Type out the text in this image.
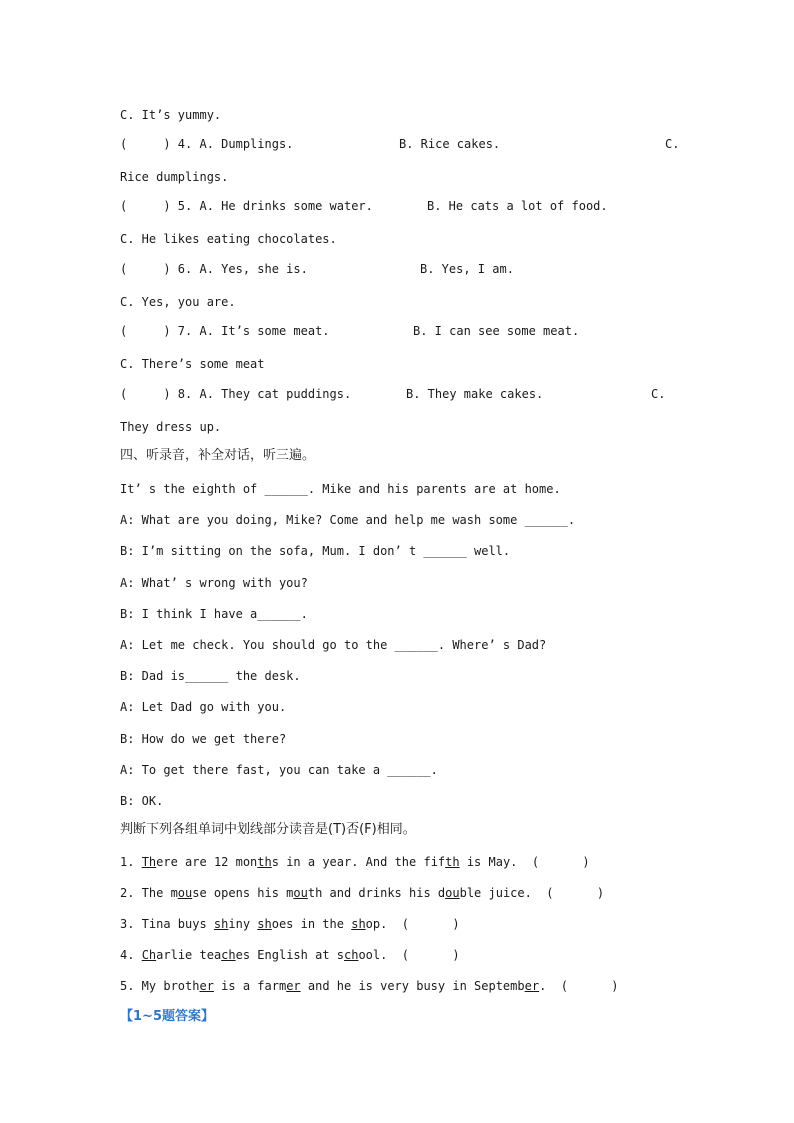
C. It’s yummy.
(     ) 4. A. Dumplings.	B. Rice cakes.	C.
Rice dumplings.
(     ) 5. A. He drinks some water.	B. He cats a lot of food.
C. He likes eating chocolates.
(     ) 6. A. Yes, she is.	B. Yes, I am.
C. Yes, you are.
(     ) 7. A. It’s some meat.	B. I can see some meat.
C. There’s some meat
(     ) 8. A. They cat puddings.	B. They make cakes.	C.
They dress up.
四、听录音，补全对话，听三遍。
It’ s the eighth of ______. Mike and his parents are at home.
A: What are you doing, Mike? Come and help me wash some ______.
B: I’m sitting on the sofa, Mum. I don’ t ______ well.
A: What’ s wrong with you?
B: I think I have a______.
A: Let me check. You should go to the ______. Where’ s Dad?
B: Dad is______ the desk.
A: Let Dad go with you.
B: How do we get there?
A: To get there fast, you can take a ______.
B: OK.
判断下列各组单词中划线部分读音是(T)否(F)相同。
1. There are 12 months in a year. And the fifth is May.  (      )
2. The mouse opens his mouth and drinks his double juice.  (      )
3. Tina buys shiny shoes in the shop.  (      )
4. Charlie teaches English at school.  (      )
5. My brother is a farmer and he is very busy in September.  (      )
【1~5题答案】
